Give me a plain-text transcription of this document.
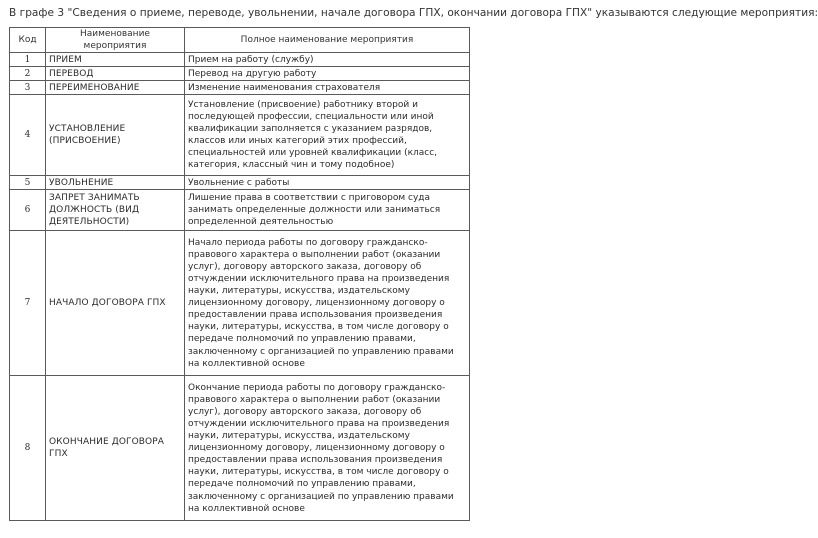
В графе 3 "Сведения о приеме, переводе, увольнении, начале договора ГПХ, окончании договора ГПХ" указываются следующие мероприятия:

Код	Наименование мероприятия	Полное наименование мероприятия
1	ПРИЕМ	Прием на работу (службу)
2	ПЕРЕВОД	Перевод на другую работу
3	ПЕРЕИМЕНОВАНИЕ	Изменение наименования страхователя
4	УСТАНОВЛЕНИЕ (ПРИСВОЕНИЕ)	Установление (присвоение) работнику второй и последующей профессии, специальности или иной квалификации заполняется с указанием разрядов, классов или иных категорий этих профессий, специальностей или уровней квалификации (класс, категория, классный чин и тому подобное)
5	УВОЛЬНЕНИЕ	Увольнение с работы
6	ЗАПРЕТ ЗАНИМАТЬ ДОЛЖНОСТЬ (ВИД ДЕЯТЕЛЬНОСТИ)	Лишение права в соответствии с приговором суда занимать определенные должности или заниматься определенной деятельностью
7	НАЧАЛО ДОГОВОРА ГПХ	Начало периода работы по договору гражданско-правового характера о выполнении работ (оказании услуг), договору авторского заказа, договору об отчуждении исключительного права на произведения науки, литературы, искусства, издательскому лицензионному договору, лицензионному договору о предоставлении права использования произведения науки, литературы, искусства, в том числе договору о передаче полномочий по управлению правами, заключенному с организацией по управлению правами на коллективной основе
8	ОКОНЧАНИЕ ДОГОВОРА ГПХ	Окончание периода работы по договору гражданско-правового характера о выполнении работ (оказании услуг), договору авторского заказа, договору об отчуждении исключительного права на произведения науки, литературы, искусства, издательскому лицензионному договору, лицензионному договору о предоставлении права использования произведения науки, литературы, искусства, в том числе договору о передаче полномочий по управлению правами, заключенному с организацией по управлению правами на коллективной основе
